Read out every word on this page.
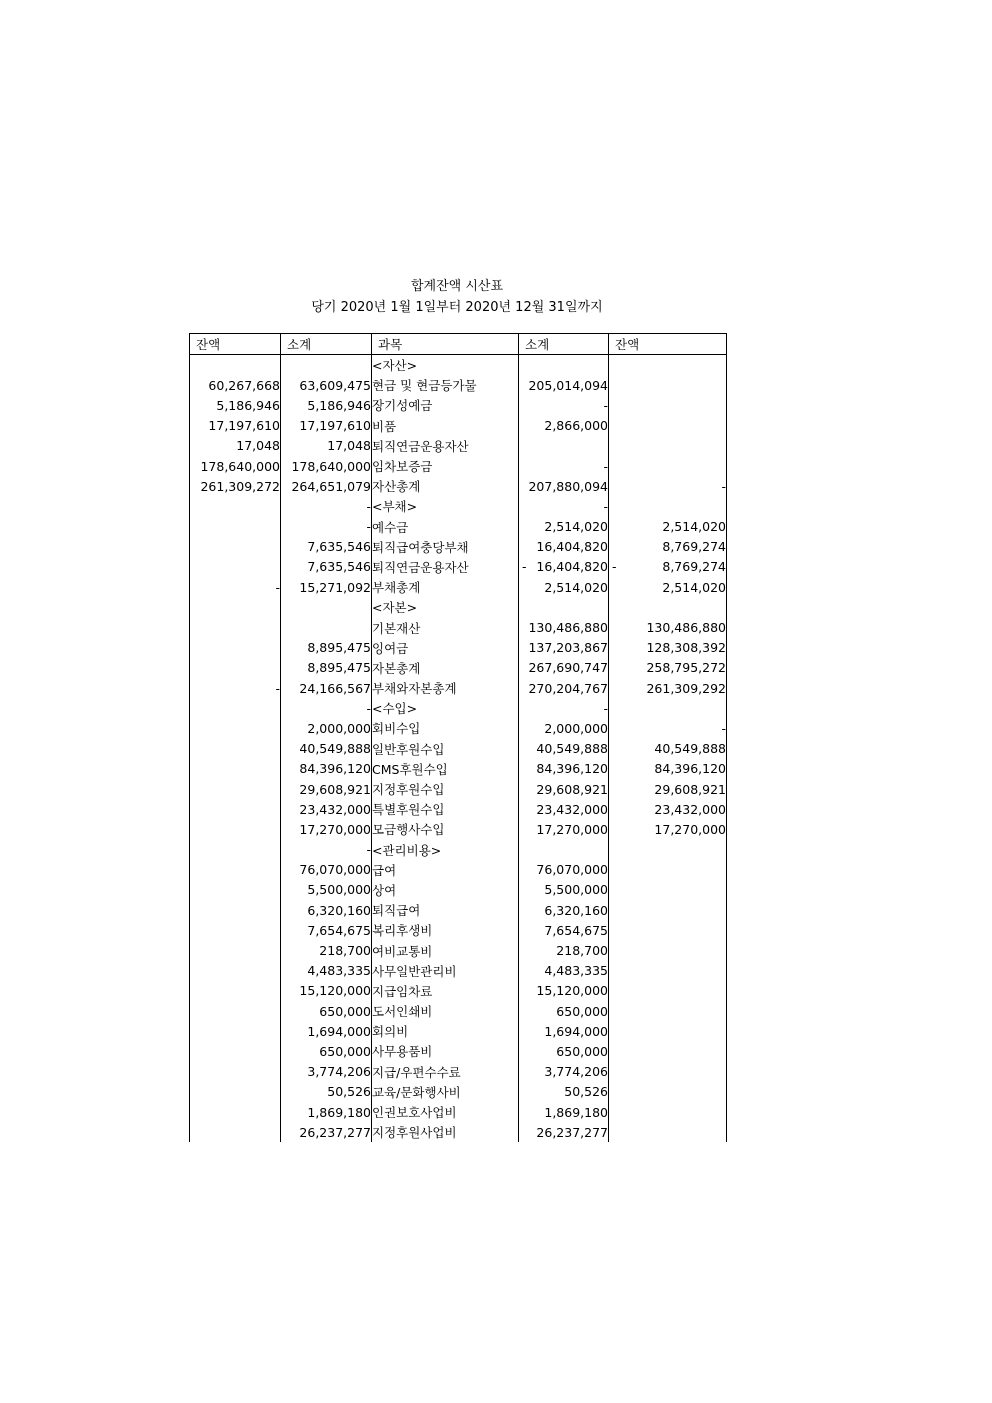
합계잔액 시산표
당기 2020년 1월 1일부터 2020년 12월 31일까지
잔액	소계	과목	소계	잔액
		<자산>		
60,267,668	63,609,475	현금 및 현금등가물	205,014,094	
5,186,946	5,186,946	장기성예금	-	
17,197,610	17,197,610	비품	2,866,000	
17,048	17,048	퇴직연금운용자산		
178,640,000	178,640,000	임차보증금	-	
261,309,272	264,651,079	자산총계	207,880,094	-
	-	<부채>	-	
	-	예수금	2,514,020	2,514,020
	7,635,546	퇴직급여충당부채	16,404,820	8,769,274
	7,635,546	퇴직연금운용자산	- 16,404,820	- 8,769,274
-	15,271,092	부채총계	2,514,020	2,514,020
		<자본>		
		기본재산	130,486,880	130,486,880
	8,895,475	잉여금	137,203,867	128,308,392
	8,895,475	자본총계	267,690,747	258,795,272
-	24,166,567	부채와자본총계	270,204,767	261,309,292
	-	<수입>	-	
	2,000,000	회비수입	2,000,000	-
	40,549,888	일반후원수입	40,549,888	40,549,888
	84,396,120	CMS후원수입	84,396,120	84,396,120
	29,608,921	지정후원수입	29,608,921	29,608,921
	23,432,000	특별후원수입	23,432,000	23,432,000
	17,270,000	모금행사수입	17,270,000	17,270,000
	-	<관리비용>		
	76,070,000	급여	76,070,000	
	5,500,000	상여	5,500,000	
	6,320,160	퇴직급여	6,320,160	
	7,654,675	복리후생비	7,654,675	
	218,700	여비교통비	218,700	
	4,483,335	사무일반관리비	4,483,335	
	15,120,000	지급임차료	15,120,000	
	650,000	도서인쇄비	650,000	
	1,694,000	회의비	1,694,000	
	650,000	사무용품비	650,000	
	3,774,206	지급/우편수수료	3,774,206	
	50,526	교육/문화행사비	50,526	
	1,869,180	인권보호사업비	1,869,180	
	26,237,277	지정후원사업비	26,237,277	
